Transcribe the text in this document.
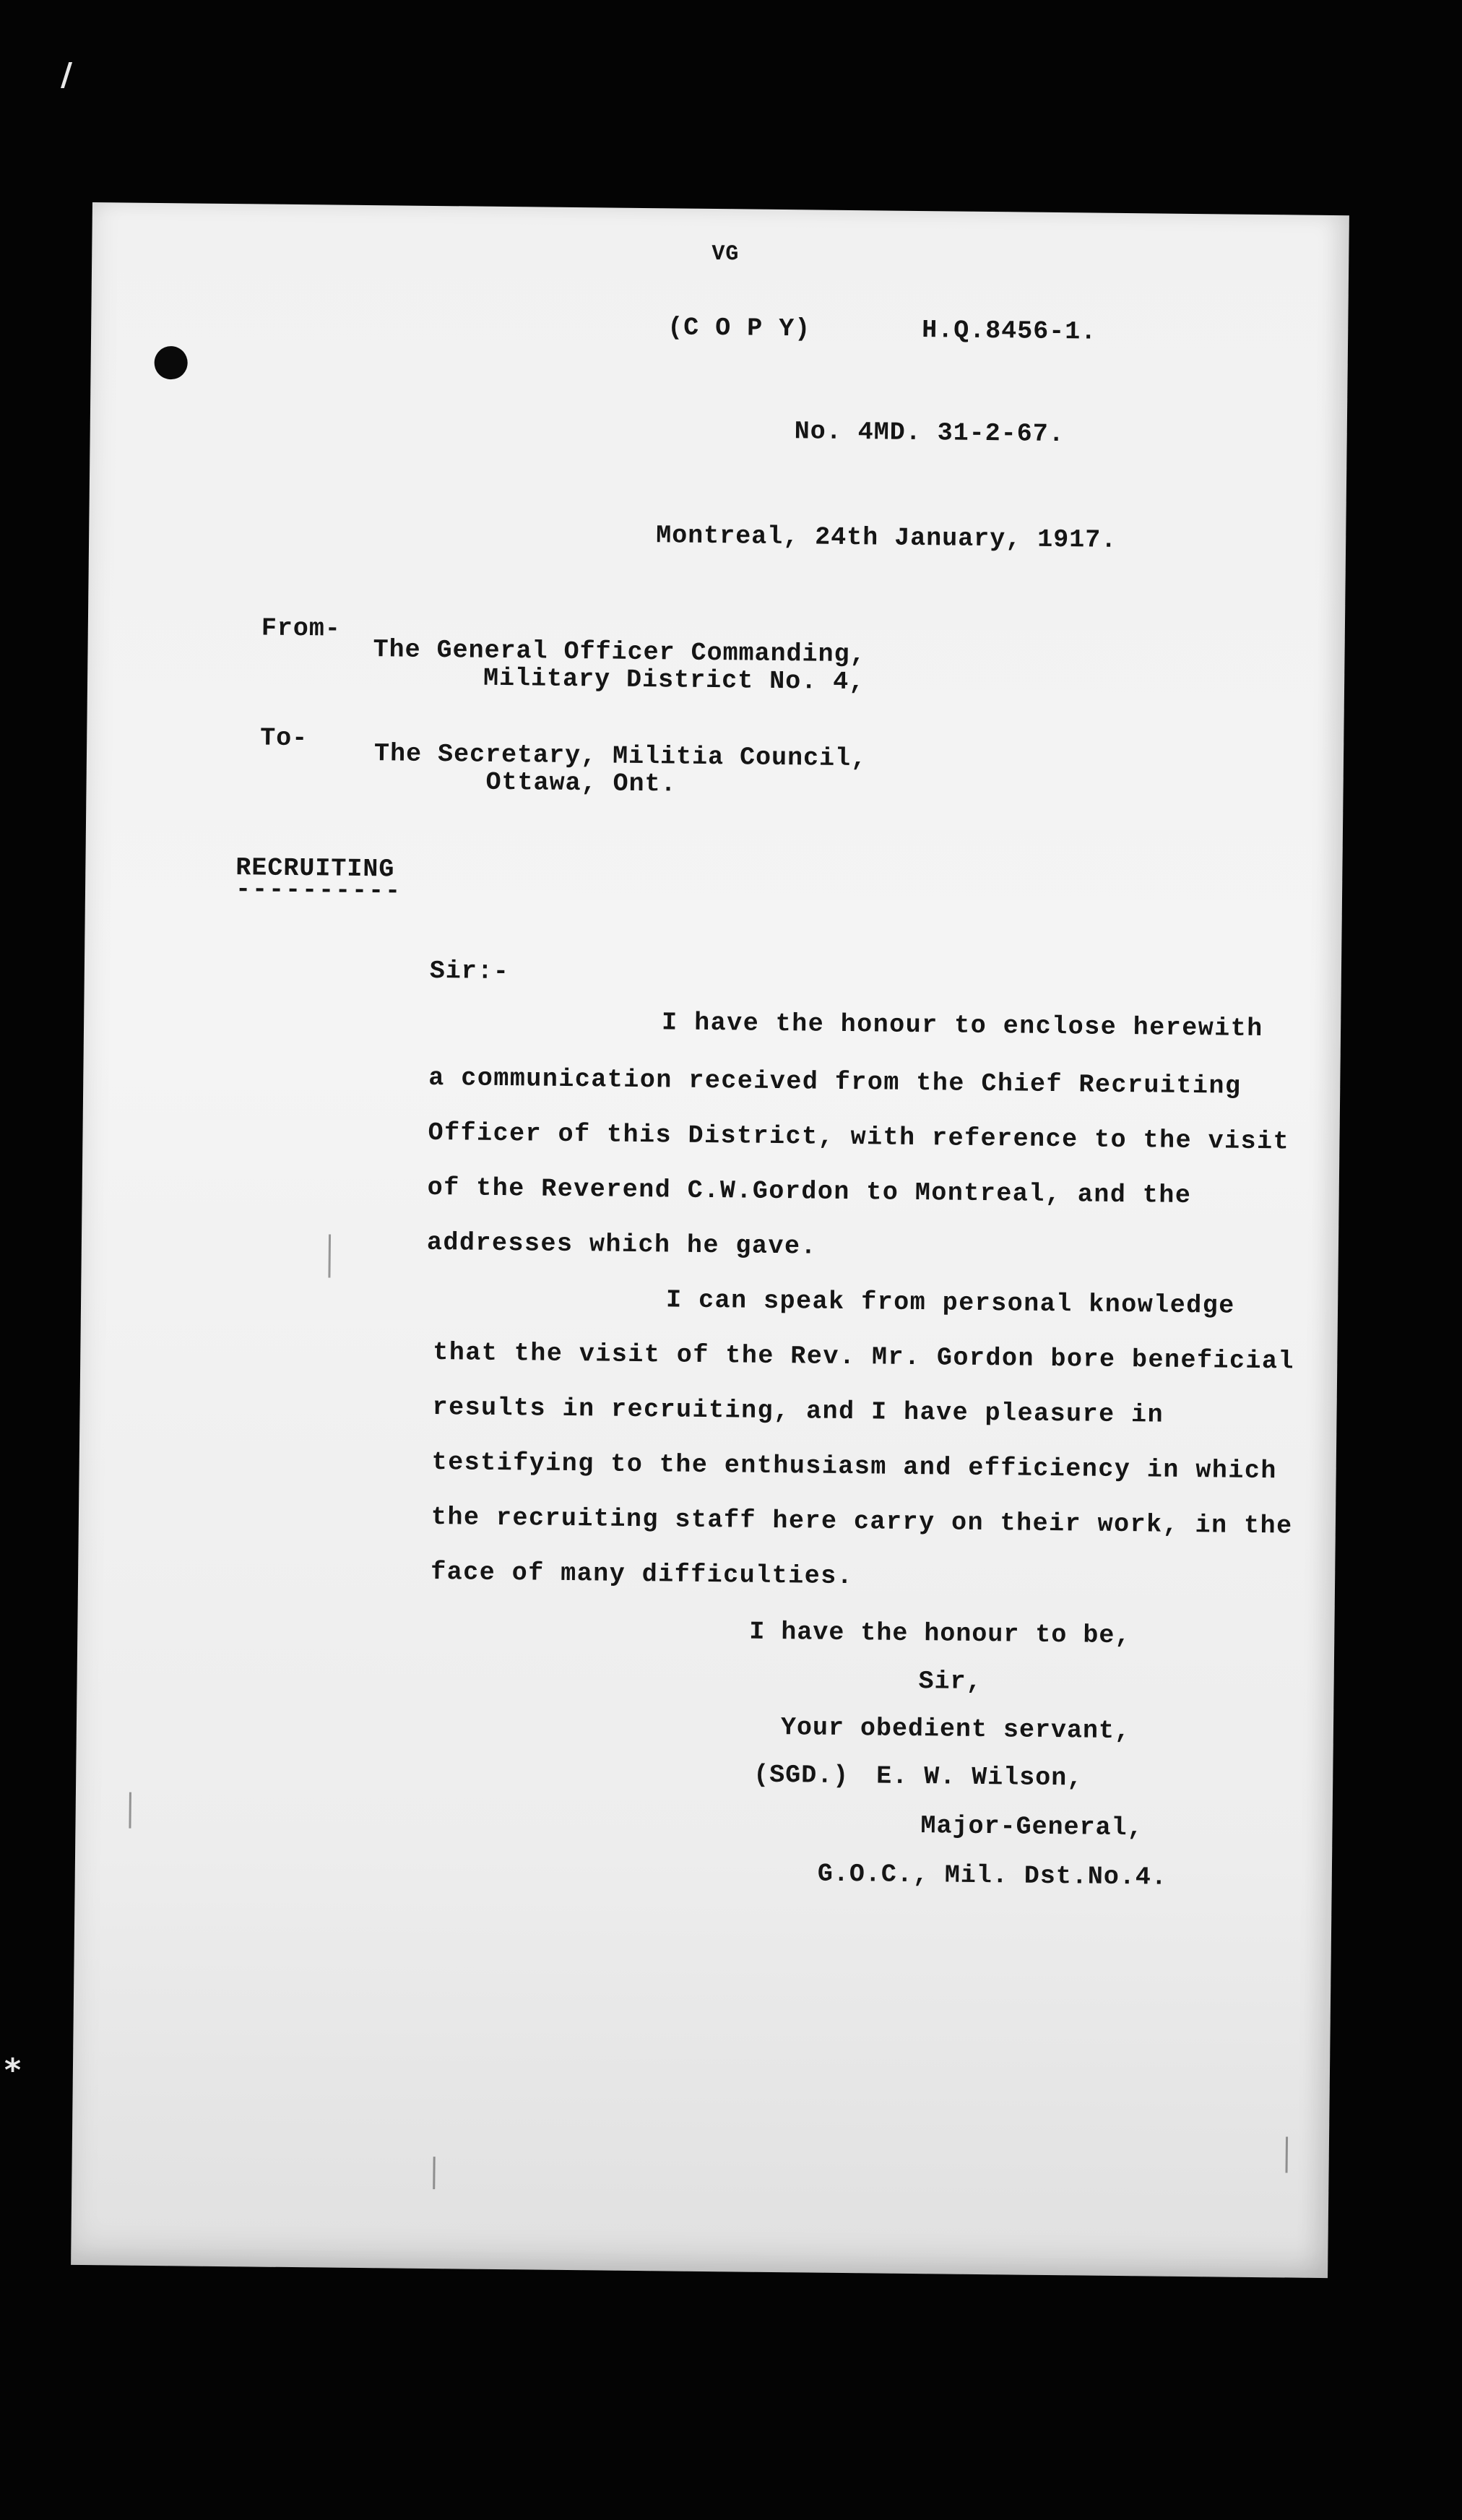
/
*
VG
(C O P Y)	H.Q.8456-1.
No. 4MD. 31-2-67.
Montreal, 24th January, 1917.
From-
The General Officer Commanding,
Military District No. 4,
To-
The Secretary, Militia Council,
Ottawa, Ont.
RECRUITING
----------
Sir:-
I have the honour to enclose herewith
a communication received from the Chief Recruiting
Officer of this District, with reference to the visit
of the Reverend C.W.Gordon to Montreal, and the
addresses which he gave.
I can speak from personal knowledge
that the visit of the Rev. Mr. Gordon bore beneficial
results in recruiting, and I have pleasure in
testifying to the enthusiasm and efficiency in which
the recruiting staff here carry on their work, in the
face of many difficulties.
I have the honour to be,
Sir,
Your obedient servant,
(SGD.) E. W. Wilson,
Major-General,
G.O.C., Mil. Dst.No.4.
